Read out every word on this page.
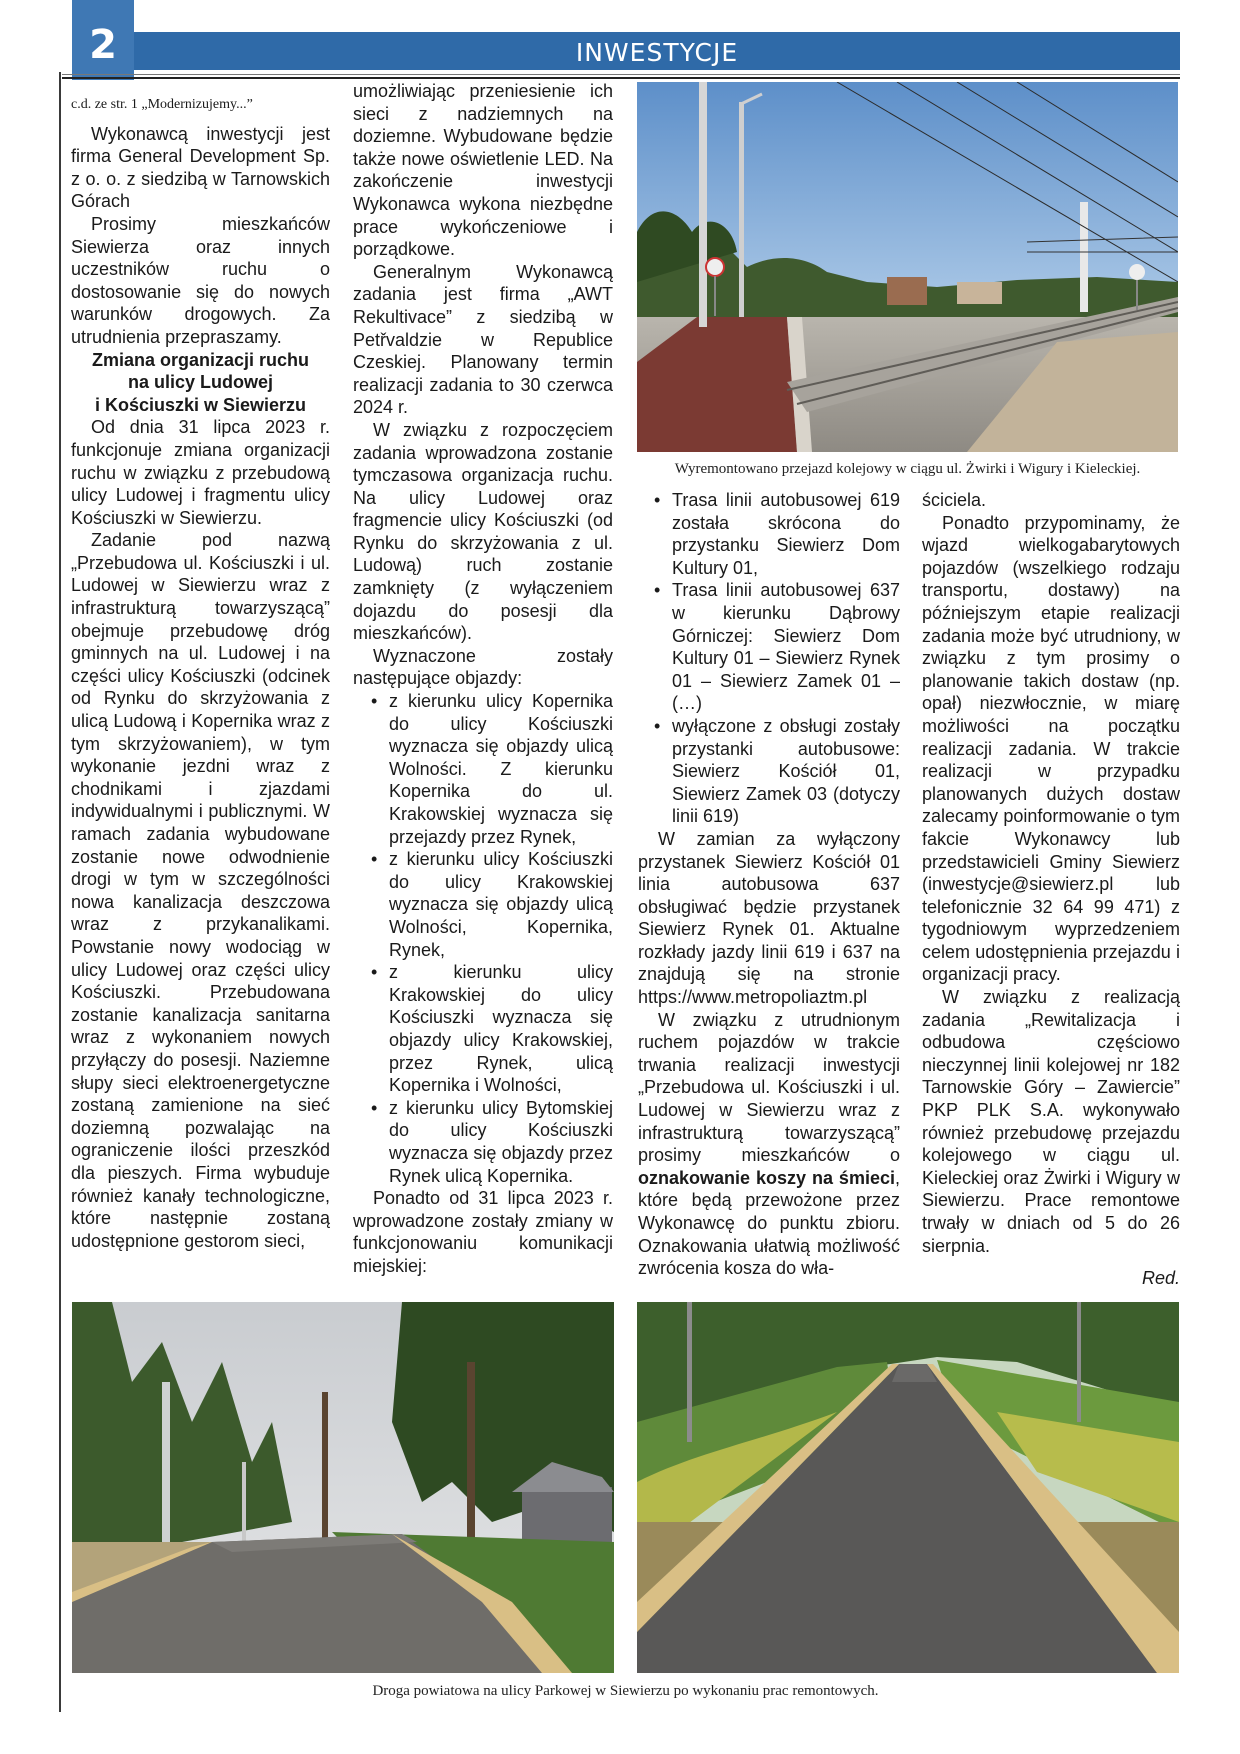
2	INWESTYCJE

c.d. ze str. 1 „Modernizujemy...”

Wykonawcą inwestycji jest firma General Development Sp. z o. o. z siedzibą w Tarnowskich Górach

Prosimy mieszkańców Siewierza oraz innych uczestników ruchu o dostosowanie się do nowych warunków drogowych. Za utrudnienia przepraszamy.

Zmiana organizacji ruchu
na ulicy Ludowej
i Kościuszki w Siewierzu

Od dnia 31 lipca 2023 r. funkcjonuje zmiana organizacji ruchu w związku z przebudową ulicy Ludowej i fragmentu ulicy Kościuszki w Siewierzu.

Zadanie pod nazwą „Przebudowa ul. Kościuszki i ul. Ludowej w Siewierzu wraz z infrastrukturą towarzyszącą” obejmuje przebudowę dróg gminnych na ul. Ludowej i na części ulicy Kościuszki (odcinek od Rynku do skrzyżowania z ulicą Ludową i Kopernika wraz z tym skrzyżowaniem), w tym wykonanie jezdni wraz z chodnikami i zjazdami indywidualnymi i publicznymi. W ramach zadania wybudowane zostanie nowe odwodnienie drogi w tym w szczególności nowa kanalizacja deszczowa wraz z przykanalikami. Powstanie nowy wodociąg w ulicy Ludowej oraz części ulicy Kościuszki. Przebudowana zostanie kanalizacja sanitarna wraz z wykonaniem nowych przyłączy do posesji. Naziemne słupy sieci elektroenergetyczne zostaną zamienione na sieć doziemną pozwalając na ograniczenie ilości przeszkód dla pieszych. Firma wybuduje również kanały technologiczne, które następnie zostaną udostępnione gestorom sieci,

umożliwiając przeniesienie ich sieci z nadziemnych na doziemne. Wybudowane będzie także nowe oświetlenie LED. Na zakończenie inwestycji Wykonawca wykona niezbędne prace wykończeniowe i porządkowe.

Generalnym Wykonawcą zadania jest firma „AWT Rekultivace” z siedzibą w Petřvaldzie w Republice Czeskiej. Planowany termin realizacji zadania to 30 czerwca 2024 r.

W związku z rozpoczęciem zadania wprowadzona zostanie tymczasowa organizacja ruchu. Na ulicy Ludowej oraz fragmencie ulicy Kościuszki (od Rynku do skrzyżowania z ul. Ludową) ruch zostanie zamknięty (z wyłączeniem dojazdu do posesji dla mieszkańców).

Wyznaczone zostały następujące objazdy:

• z kierunku ulicy Kopernika do ulicy Kościuszki wyznacza się objazdy ulicą Wolności. Z kierunku Kopernika do ul. Krakowskiej wyznacza się przejazdy przez Rynek,
• z kierunku ulicy Kościuszki do ulicy Krakowskiej wyznacza się objazdy ulicą Wolności, Kopernika, Rynek,
• z kierunku ulicy Krakowskiej do ulicy Kościuszki wyznacza się objazdy ulicy Krakowskiej, przez Rynek, ulicą Kopernika i Wolności,
• z kierunku ulicy Bytomskiej do ulicy Kościuszki wyznacza się objazdy przez Rynek ulicą Kopernika.

Ponadto od 31 lipca 2023 r. wprowadzone zostały zmiany w funkcjonowaniu komunikacji miejskiej:

Wyremontowano przejazd kolejowy w ciągu ul. Żwirki i Wigury i Kieleckiej.
• Trasa linii autobusowej 619 została skrócona do przystanku Siewierz Dom Kultury 01,
• Trasa linii autobusowej 637 w kierunku Dąbrowy Górniczej: Siewierz Dom Kultury 01 – Siewierz Rynek 01 – Siewierz Zamek 01 – (…)
• wyłączone z obsługi zostały przystanki autobusowe: Siewierz Kościół 01, Siewierz Zamek 03 (dotyczy linii 619)

W zamian za wyłączony przystanek Siewierz Kościół 01 linia autobusowa 637 obsługiwać będzie przystanek Siewierz Rynek 01. Aktualne rozkłady jazdy linii 619 i 637 na znajdują się na stronie https://www.metropoliaztm.pl

W związku z utrudnionym ruchem pojazdów w trakcie trwania realizacji inwestycji „Przebudowa ul. Kościuszki i ul. Ludowej w Siewierzu wraz z infrastrukturą towarzyszącą” prosimy mieszkańców o oznakowanie koszy na śmieci, które będą przewożone przez Wykonawcę do punktu zbioru. Oznakowania ułatwią możliwość zwrócenia kosza do wła-

ściciela.

Ponadto przypominamy, że wjazd wielkogabarytowych pojazdów (wszelkiego rodzaju transportu, dostawy) na późniejszym etapie realizacji zadania może być utrudniony, w związku z tym prosimy o planowanie takich dostaw (np. opał) niezwłocznie, w miarę możliwości na początku realizacji zadania. W trakcie realizacji w przypadku planowanych dużych dostaw zalecamy poinformowanie o tym fakcie Wykonawcy lub przedstawicieli Gminy Siewierz (inwestycje@siewierz.pl lub telefonicznie 32 64 99 471) z tygodniowym wyprzedzeniem celem udostępnienia przejazdu i organizacji pracy.

W związku z realizacją zadania „Rewitalizacja i odbudowa częściowo nieczynnej linii kolejowej nr 182 Tarnowskie Góry – Zawiercie” PKP PLK S.A. wykonywało również przebudowę przejazdu kolejowego w ciągu ul. Kieleckiej oraz Żwirki i Wigury w Siewierzu. Prace remontowe trwały w dniach od 5 do 26 sierpnia.

Red.

Droga powiatowa na ulicy Parkowej w Siewierzu po wykonaniu prac remontowych.
